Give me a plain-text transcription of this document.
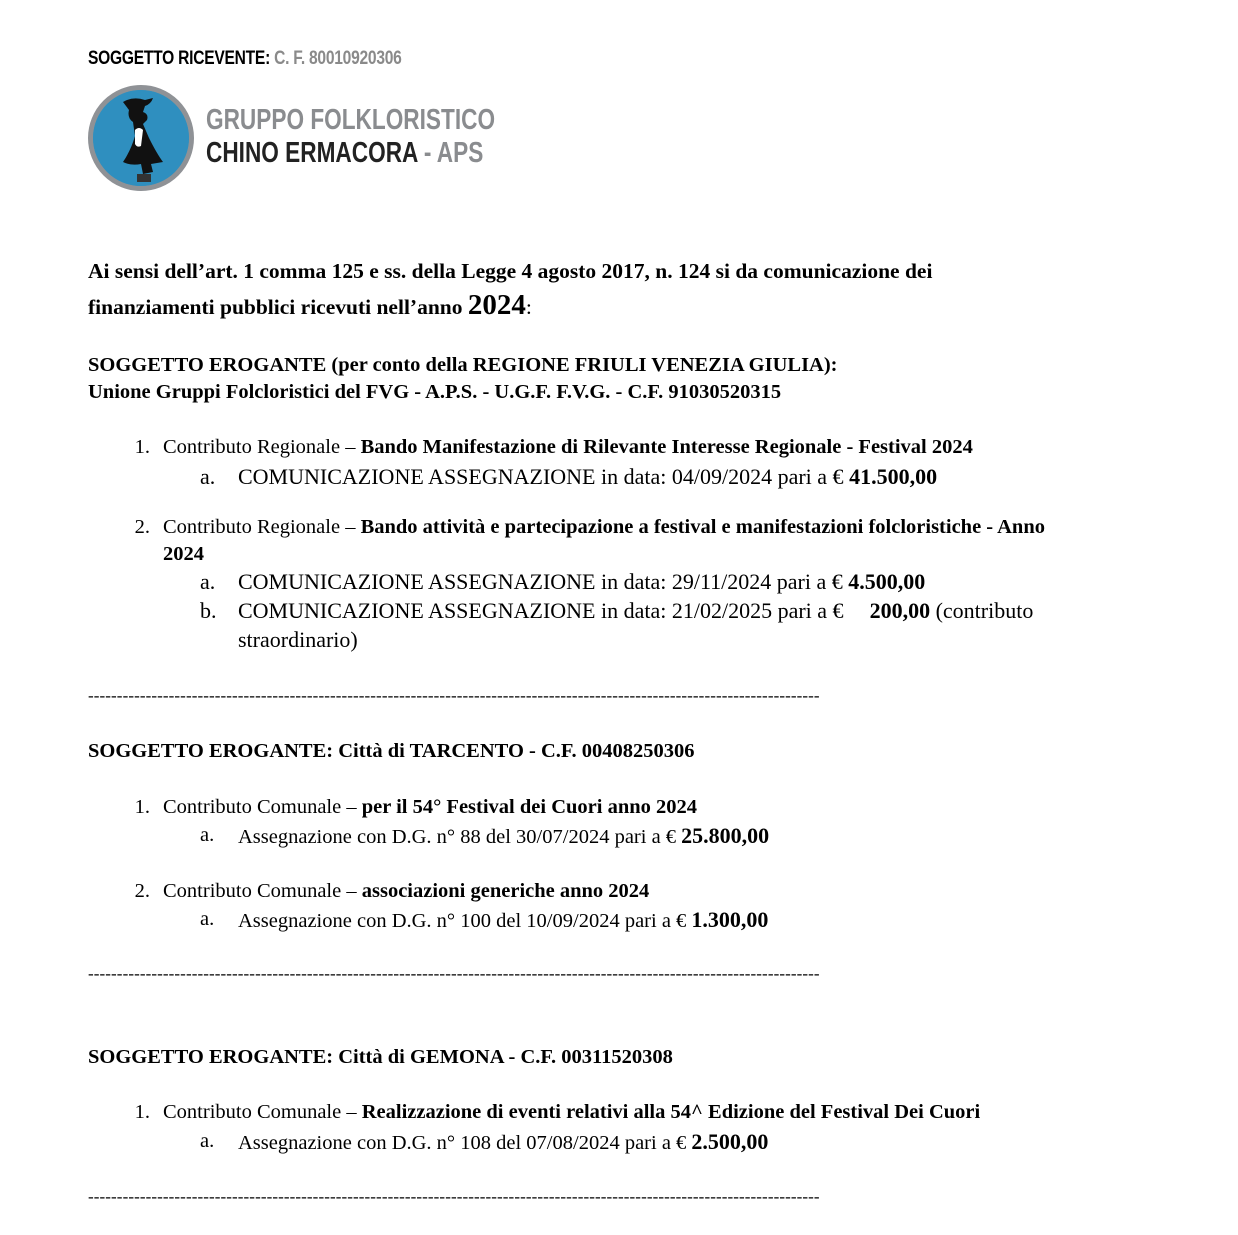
SOGGETTO RICEVENTE: C. F. 80010920306
GRUPPO FOLKLORISTICO
CHINO ERMACORA - APS
Ai sensi dell’art. 1 comma 125 e ss. della Legge 4 agosto 2017, n. 124 si da comunicazione dei
finanziamenti pubblici ricevuti nell’anno 2024:
SOGGETTO EROGANTE (per conto della REGIONE FRIULI VENEZIA GIULIA):
Unione Gruppi Folcloristici del FVG - A.P.S. - U.G.F. F.V.G. - C.F. 91030520315
1. Contributo Regionale – Bando Manifestazione di Rilevante Interesse Regionale - Festival 2024
a. COMUNICAZIONE ASSEGNAZIONE in data: 04/09/2024 pari a € 41.500,00
2. Contributo Regionale – Bando attività e partecipazione a festival e manifestazioni folcloristiche - Anno
2024
a. COMUNICAZIONE ASSEGNAZIONE in data: 29/11/2024 pari a € 4.500,00
b. COMUNICAZIONE ASSEGNAZIONE in data: 21/02/2025 pari a € 200,00 (contributo
straordinario)
-------------------------------------------------------------------------------------------------------------------------------
SOGGETTO EROGANTE: Città di TARCENTO - C.F. 00408250306
1. Contributo Comunale – per il 54° Festival dei Cuori anno 2024
a. Assegnazione con D.G. n° 88 del 30/07/2024 pari a € 25.800,00
2. Contributo Comunale – associazioni generiche anno 2024
a. Assegnazione con D.G. n° 100 del 10/09/2024 pari a € 1.300,00
-------------------------------------------------------------------------------------------------------------------------------
SOGGETTO EROGANTE: Città di GEMONA - C.F. 00311520308
1. Contributo Comunale – Realizzazione di eventi relativi alla 54^ Edizione del Festival Dei Cuori
a. Assegnazione con D.G. n° 108 del 07/08/2024 pari a € 2.500,00
-------------------------------------------------------------------------------------------------------------------------------
